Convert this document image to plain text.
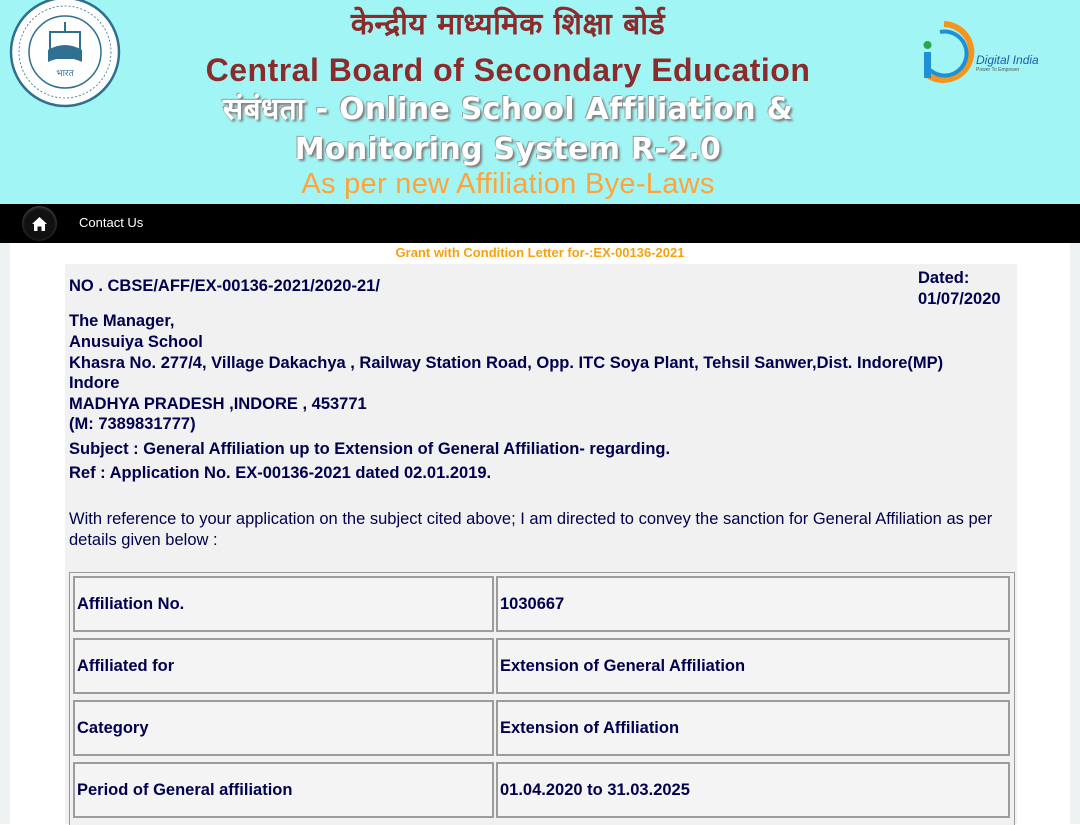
भारत
केन्द्रीय माध्यमिक शिक्षा बोर्ड
Central Board of Secondary Education
संबंधता - Online School Affiliation & Monitoring System R-2.0
As per new Affiliation Bye-Laws
Digital India
Power To Empower
Contact Us
Grant with Condition Letter for-:EX-00136-2021
NO . CBSE/AFF/EX-00136-2021/2020-21/	Dated:
01/07/2020
The Manager,
Anusuiya School
Khasra No. 277/4, Village Dakachya , Railway Station Road, Opp. ITC Soya Plant, Tehsil Sanwer,Dist. Indore(MP)
Indore
MADHYA PRADESH ,INDORE , 453771
(M: 7389831777)
Subject : General Affiliation up to Extension of General Affiliation- regarding.
Ref : Application No. EX-00136-2021 dated 02.01.2019.
With reference to your application on the subject cited above; I am directed to convey the sanction for General Affiliation as per details given below :
Affiliation No.	1030667
Affiliated for	Extension of General Affiliation
Category	Extension of Affiliation
Period of General affiliation	01.04.2020 to 31.03.2025
